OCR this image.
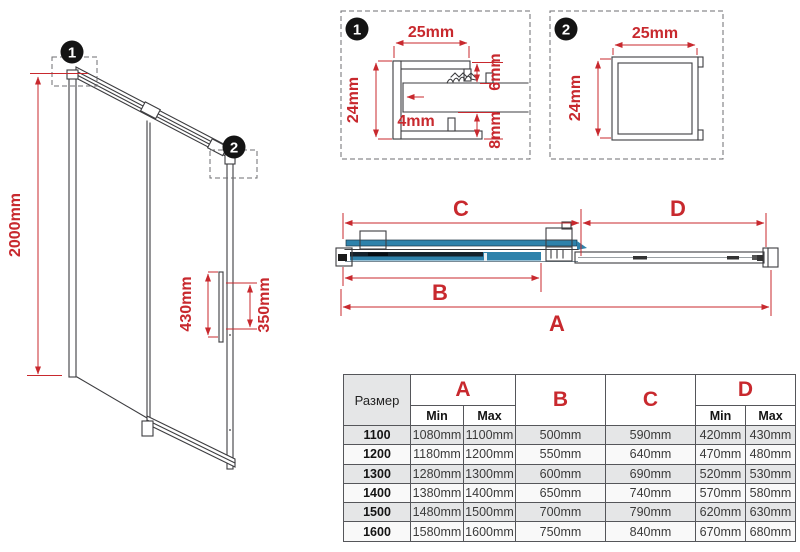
1
2
2000mm
430mm	350mm
1	25mm
24mm
6mm
8mm
4mm
2	25mm
24mm
C	D
B
A
Размер	A		B	C	D	
	Min	Max			Min	Max
1100	1080mm	1100mm	500mm	590mm	420mm	430mm
1200	1180mm	1200mm	550mm	640mm	470mm	480mm
1300	1280mm	1300mm	600mm	690mm	520mm	530mm
1400	1380mm	1400mm	650mm	740mm	570mm	580mm
1500	1480mm	1500mm	700mm	790mm	620mm	630mm
1600	1580mm	1600mm	750mm	840mm	670mm	680mm
